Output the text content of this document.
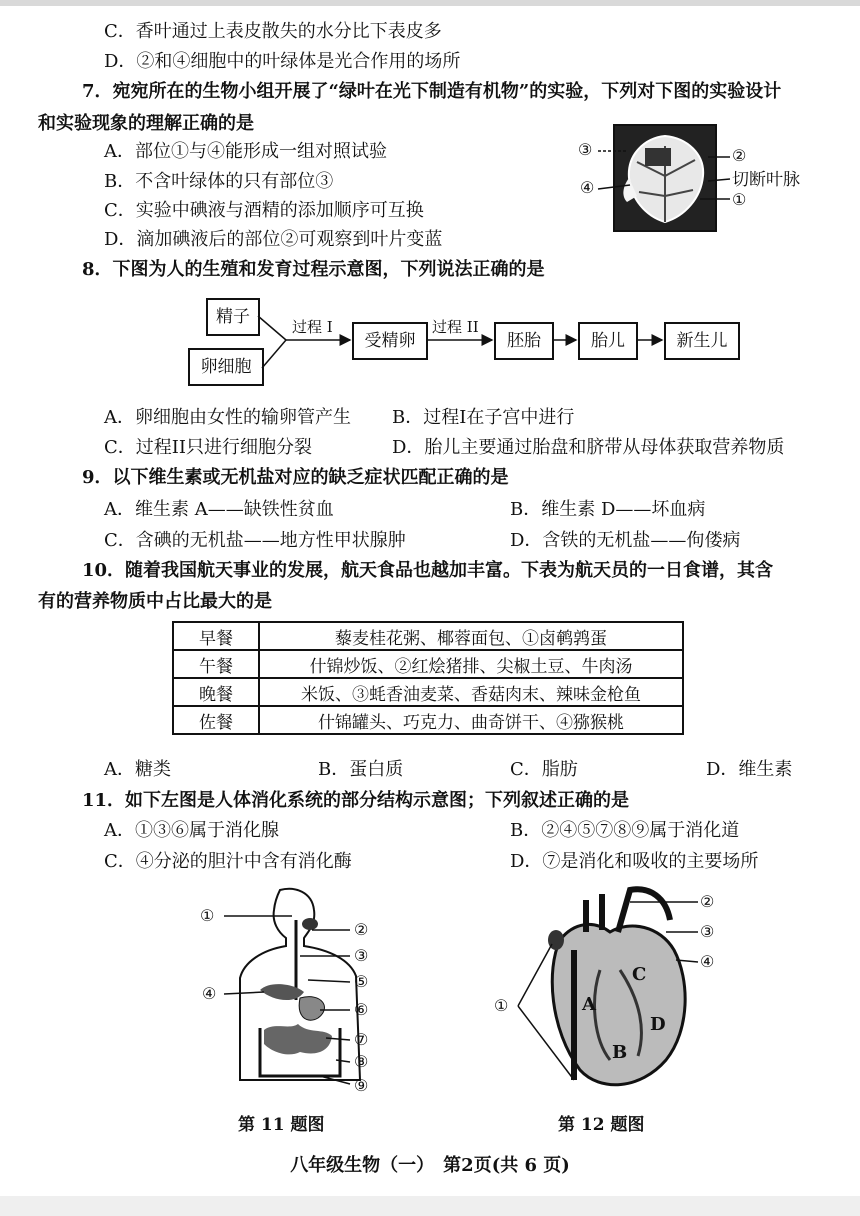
C．香叶通过上表皮散失的水分比下表皮多
D．②和④细胞中的叶绿体是光合作用的场所
7．宛宛所在的生物小组开展了“绿叶在光下制造有机物”的实验，下列对下图的实验设计
和实验现象的理解正确的是
A．部位①与④能形成一组对照试验
B．不含叶绿体的只有部位③
C．实验中碘液与酒精的添加顺序可互换
D．滴加碘液后的部位②可观察到叶片变蓝
③
④
②
切断叶脉
①
8．下图为人的生殖和发育过程示意图，下列说法正确的是
精子
卵细胞
过程 I
受精卵
过程 II
胚胎	胎儿	新生儿
A．卵细胞由女性的输卵管产生 B．过程I在子宫中进行
C．过程II只进行细胞分裂	D．胎儿主要通过胎盘和脐带从母体获取营养物质
9．以下维生素或无机盐对应的缺乏症状匹配正确的是
A．维生素 A——缺铁性贫血	B．维生素 D——坏血病
C．含碘的无机盐——地方性甲状腺肿	D．含铁的无机盐——佝偻病
10．随着我国航天事业的发展，航天食品也越加丰富。下表为航天员的一日食谱，其含
有的营养物质中占比最大的是
早餐	藜麦桂花粥、椰蓉面包、①卤鹌鹑蛋
午餐	什锦炒饭、②红烩猪排、尖椒土豆、牛肉汤
晚餐	米饭、③蚝香油麦菜、香菇肉末、辣味金枪鱼
佐餐	什锦罐头、巧克力、曲奇饼干、④猕猴桃
A．糖类	B．蛋白质	C．脂肪	D．维生素
11．如下左图是人体消化系统的部分结构示意图；下列叙述正确的是
A．①③⑥属于消化腺	B．②④⑤⑦⑧⑨属于消化道
C．④分泌的胆汁中含有消化酶	D．⑦是消化和吸收的主要场所
①
②
③
⑤
④
⑥
⑦
⑧
⑨
第 11 题图
A
C
B
D
②
③
④
①
第 12 题图
八年级生物（一）　第2页(共 6 页)
